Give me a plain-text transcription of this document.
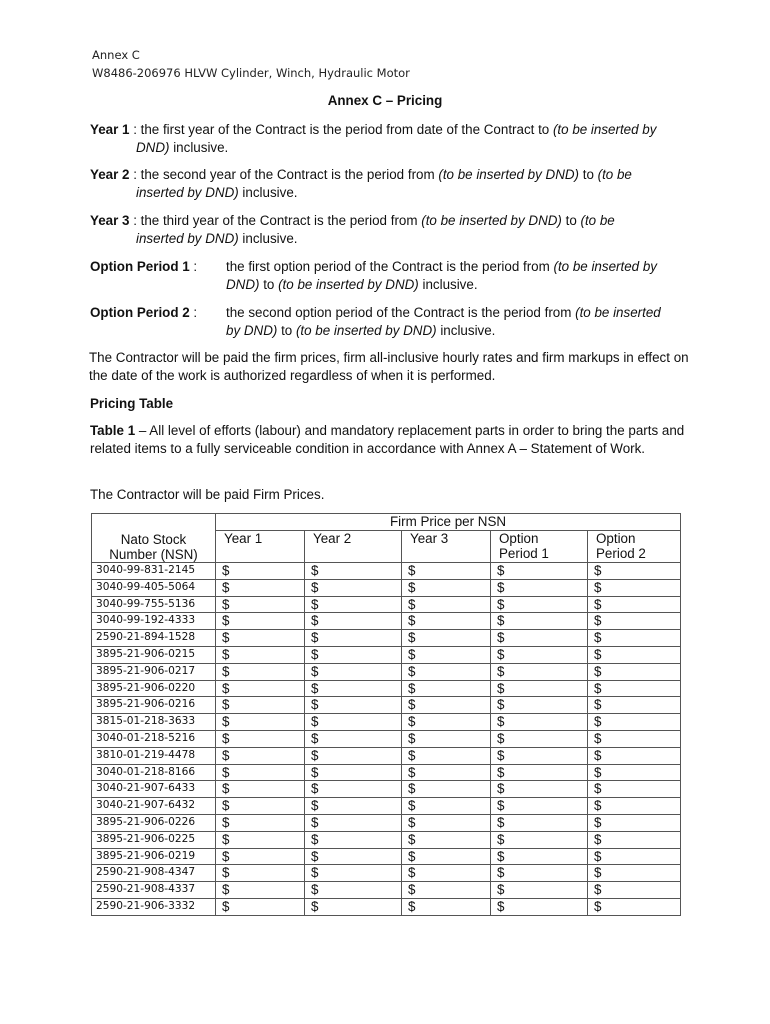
Annex C
W8486-206976 HLVW Cylinder, Winch, Hydraulic Motor
Annex C – Pricing
Year 1 : the first year of the Contract is the period from date of the Contract to (to be inserted by
DND) inclusive.
Year 2 : the second year of the Contract is the period from (to be inserted by DND) to (to be
inserted by DND) inclusive.
Year 3 : the third year of the Contract is the period from (to be inserted by DND) to (to be
inserted by DND) inclusive.
Option Period 1 :	the first option period of the Contract is the period from (to be inserted by
DND) to (to be inserted by DND) inclusive.
Option Period 2 :	the second option period of the Contract is the period from (to be inserted
by DND) to (to be inserted by DND) inclusive.
The Contractor will be paid the firm prices, firm all-inclusive hourly rates and firm markups in effect on the date of the work is authorized regardless of when it is performed.
Pricing Table
Table 1 – All level of efforts (labour) and mandatory replacement parts in order to bring the parts and related items to a fully serviceable condition in accordance with Annex A – Statement of Work.
The Contractor will be paid Firm Prices.
Nato Stock
Number (NSN)	Firm Price per NSN				
	Year 1	Year 2	Year 3	Option
Period 1	Option
Period 2
3040-99-831-2145	$	$	$	$	$
3040-99-405-5064	$	$	$	$	$
3040-99-755-5136	$	$	$	$	$
3040-99-192-4333	$	$	$	$	$
2590-21-894-1528	$	$	$	$	$
3895-21-906-0215	$	$	$	$	$
3895-21-906-0217	$	$	$	$	$
3895-21-906-0220	$	$	$	$	$
3895-21-906-0216	$	$	$	$	$
3815-01-218-3633	$	$	$	$	$
3040-01-218-5216	$	$	$	$	$
3810-01-219-4478	$	$	$	$	$
3040-01-218-8166	$	$	$	$	$
3040-21-907-6433	$	$	$	$	$
3040-21-907-6432	$	$	$	$	$
3895-21-906-0226	$	$	$	$	$
3895-21-906-0225	$	$	$	$	$
3895-21-906-0219	$	$	$	$	$
2590-21-908-4347	$	$	$	$	$
2590-21-908-4337	$	$	$	$	$
2590-21-906-3332	$	$	$	$	$
